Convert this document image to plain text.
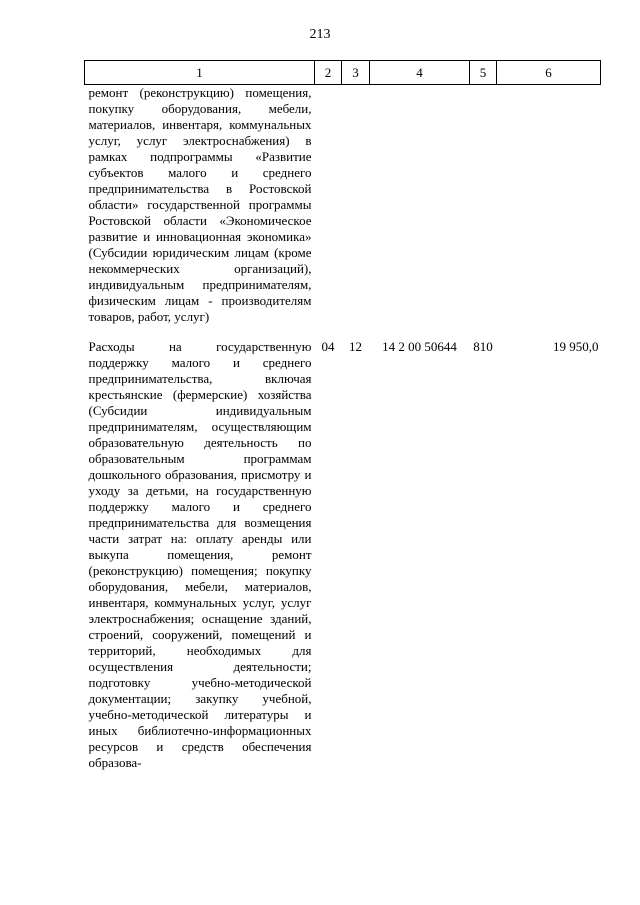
213
1	2	3	4	5	6
ремонт (реконструкцию) помещения, покупку оборудования, мебели, материалов, инвентаря, коммунальных услуг, услуг электроснабжения) в рамках подпрограммы «Развитие субъектов малого и среднего предпринимательства в Ростовской области» государственной программы Ростовской области «Экономическое развитие и инновационная экономика» (Субсидии юридическим лицам (кроме некоммерческих организаций), индивидуальным предпринимателям, физическим лицам - производителям товаров, работ, услуг)					
Расходы на государственную поддержку малого и среднего предпринимательства, включая крестьянские (фермерские) хозяйства (Субсидии индивидуальным предпринимателям, осуществляющим образовательную деятельность по образовательным программам дошкольного образования, присмотру и уходу за детьми, на государственную поддержку малого и среднего предпринимательства для возмещения части затрат на: оплату аренды или выкупа помещения, ремонт (реконструкцию) помещения; покупку оборудования, мебели, материалов, инвентаря, коммунальных услуг, услуг электроснабжения; оснащение зданий, строений, сооружений, помещений и территорий, необходимых для осуществления деятельности; подготовку учебно-методической документации; закупку учебной, учебно-методической литературы и иных библиотечно-информационных ресурсов и средств обеспечения образова-	04	12	14 2 00 50644	810	19 950,0
